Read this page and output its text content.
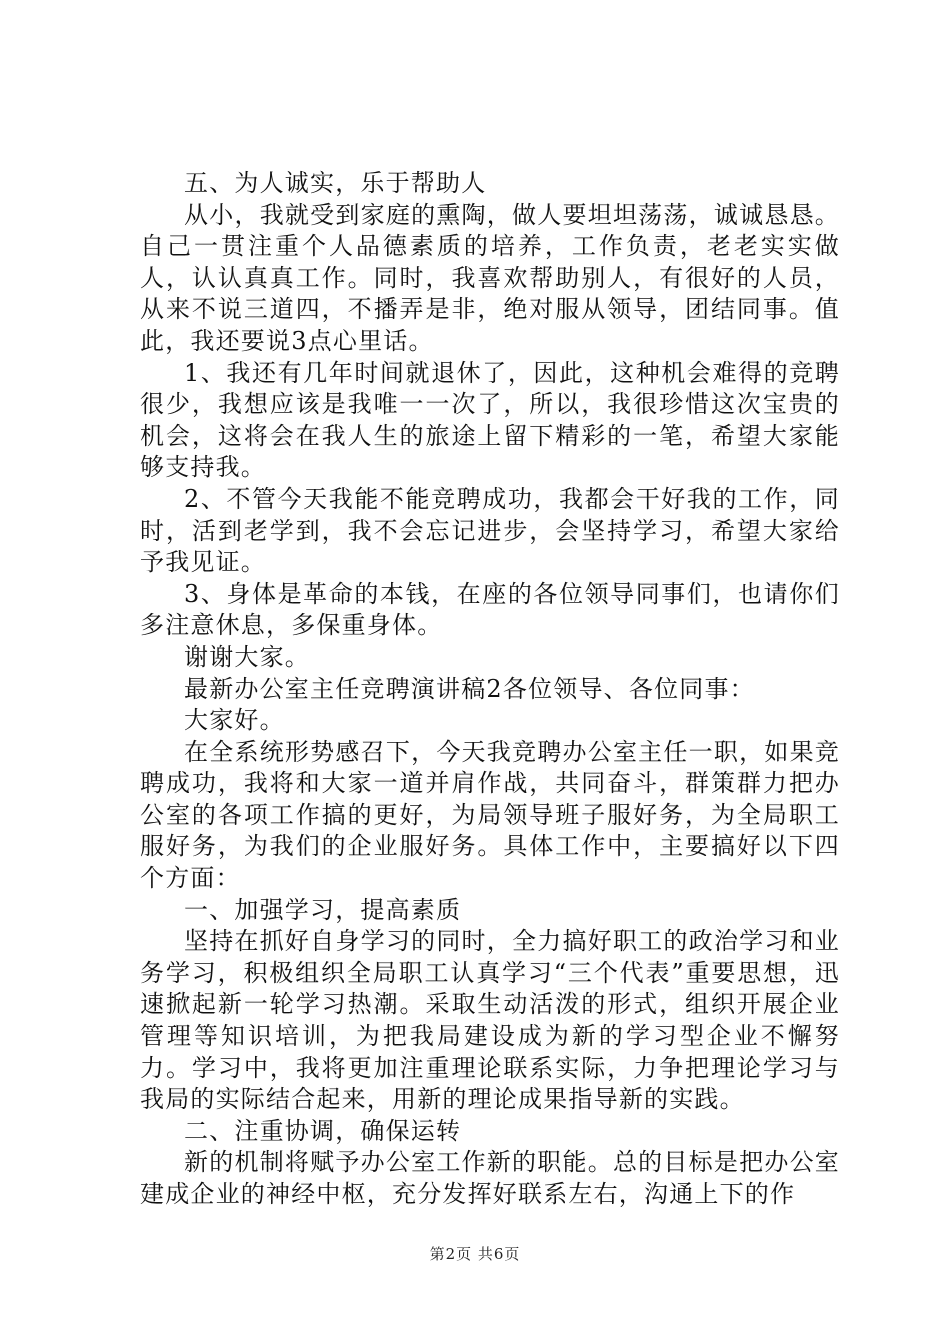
五、为人诚实，乐于帮助人

从小，我就受到家庭的熏陶，做人要坦坦荡荡，诚诚恳恳。自己一贯注重个人品德素质的培养，工作负责，老老实实做人，认认真真工作。同时，我喜欢帮助别人，有很好的人员，从来不说三道四，不播弄是非，绝对服从领导，团结同事。值此，我还要说3点心里话。

1、我还有几年时间就退休了，因此，这种机会难得的竞聘很少，我想应该是我唯一一次了，所以，我很珍惜这次宝贵的机会，这将会在我人生的旅途上留下精彩的一笔，希望大家能够支持我。

2、不管今天我能不能竞聘成功，我都会干好我的工作，同时，活到老学到，我不会忘记进步，会坚持学习，希望大家给予我见证。

3、身体是革命的本钱，在座的各位领导同事们，也请你们多注意休息，多保重身体。

谢谢大家。

最新办公室主任竞聘演讲稿2各位领导、各位同事：

大家好。

在全系统形势感召下，今天我竞聘办公室主任一职，如果竞聘成功，我将和大家一道并肩作战，共同奋斗，群策群力把办公室的各项工作搞的更好，为局领导班子服好务，为全局职工服好务，为我们的企业服好务。具体工作中，主要搞好以下四个方面：

一、加强学习，提高素质

坚持在抓好自身学习的同时，全力搞好职工的政治学习和业务学习，积极组织全局职工认真学习“三个代表”重要思想，迅速掀起新一轮学习热潮。采取生动活泼的形式，组织开展企业管理等知识培训，为把我局建设成为新的学习型企业不懈努力。学习中，我将更加注重理论联系实际，力争把理论学习与我局的实际结合起来，用新的理论成果指导新的实践。

二、注重协调，确保运转

新的机制将赋予办公室工作新的职能。总的目标是把办公室建成企业的神经中枢，充分发挥好联系左右，沟通上下的作

第2页 共6页
